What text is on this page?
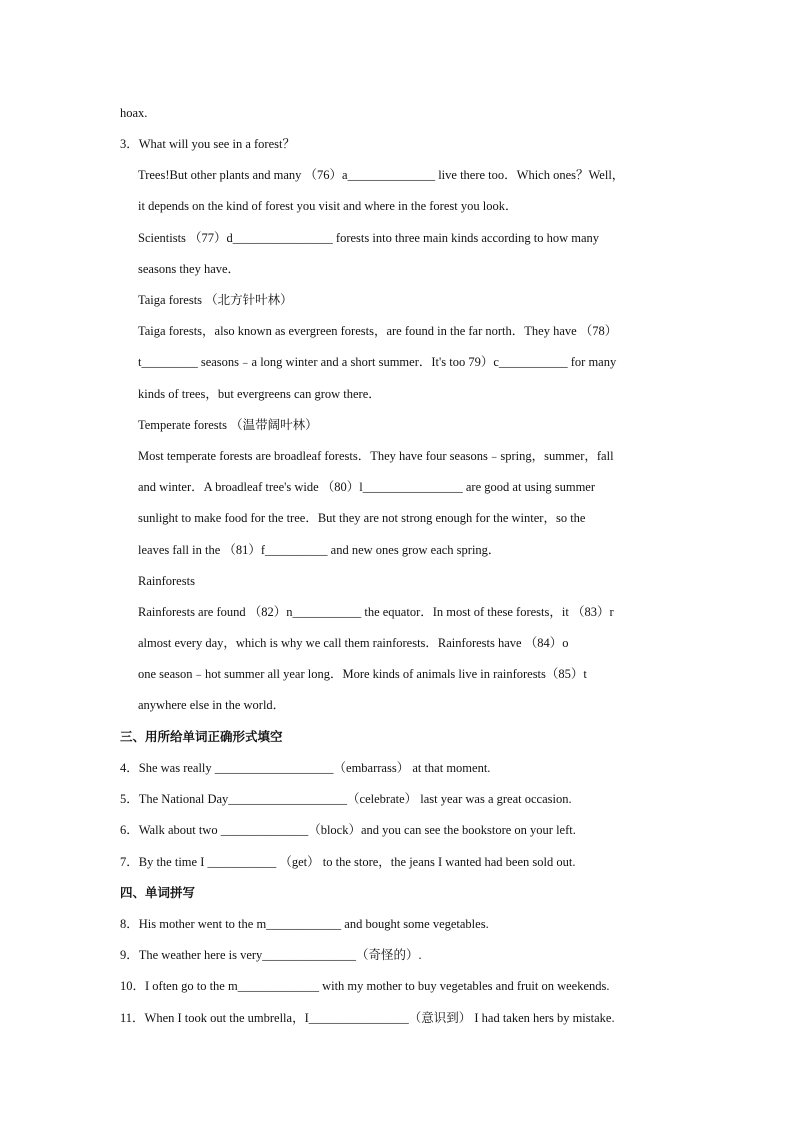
hoax.
3．What will you see in a forest？
Trees!But other plants and many （76）a______________ live there too．Which ones？Well，
it depends on the kind of forest you visit and where in the forest you look．
Scientists （77）d________________ forests into three main kinds according to how many
seasons they have．
Taiga forests （北方针叶林）
Taiga forests，also known as evergreen forests，are found in the far north．They have （78）
t_________ seasons﹣a long winter and a short summer．It's too 79）c___________ for many
kinds of trees，but evergreens can grow there．
Temperate forests （温带阔叶林）
Most temperate forests are broadleaf forests．They have four seasons﹣spring，summer，fall
and winter．A broadleaf tree's wide （80）l________________ are good at using summer
sunlight to make food for the tree．But they are not strong enough for the winter，so the
leaves fall in the （81）f__________ and new ones grow each spring．
Rainforests
Rainforests are found （82）n___________ the equator．In most of these forests，it （83）r
almost every day，which is why we call them rainforests．Rainforests have （84）o
one season﹣hot summer all year long．More kinds of animals live in rainforests（85）t
anywhere else in the world．
三、用所给单词正确形式填空
4．She was really ___________________（embarrass） at that moment.
5．The National Day___________________（celebrate） last year was a great occasion.
6．Walk about two ______________（block）and you can see the bookstore on your left.
7．By the time I ___________ （get） to the store，the jeans I wanted had been sold out.
四、单词拼写
8．His mother went to the m____________ and bought some vegetables.
9．The weather here is very_______________（奇怪的）.
10．I often go to the m_____________ with my mother to buy vegetables and fruit on weekends.
11．When I took out the umbrella，I________________（意识到） I had taken hers by mistake.
